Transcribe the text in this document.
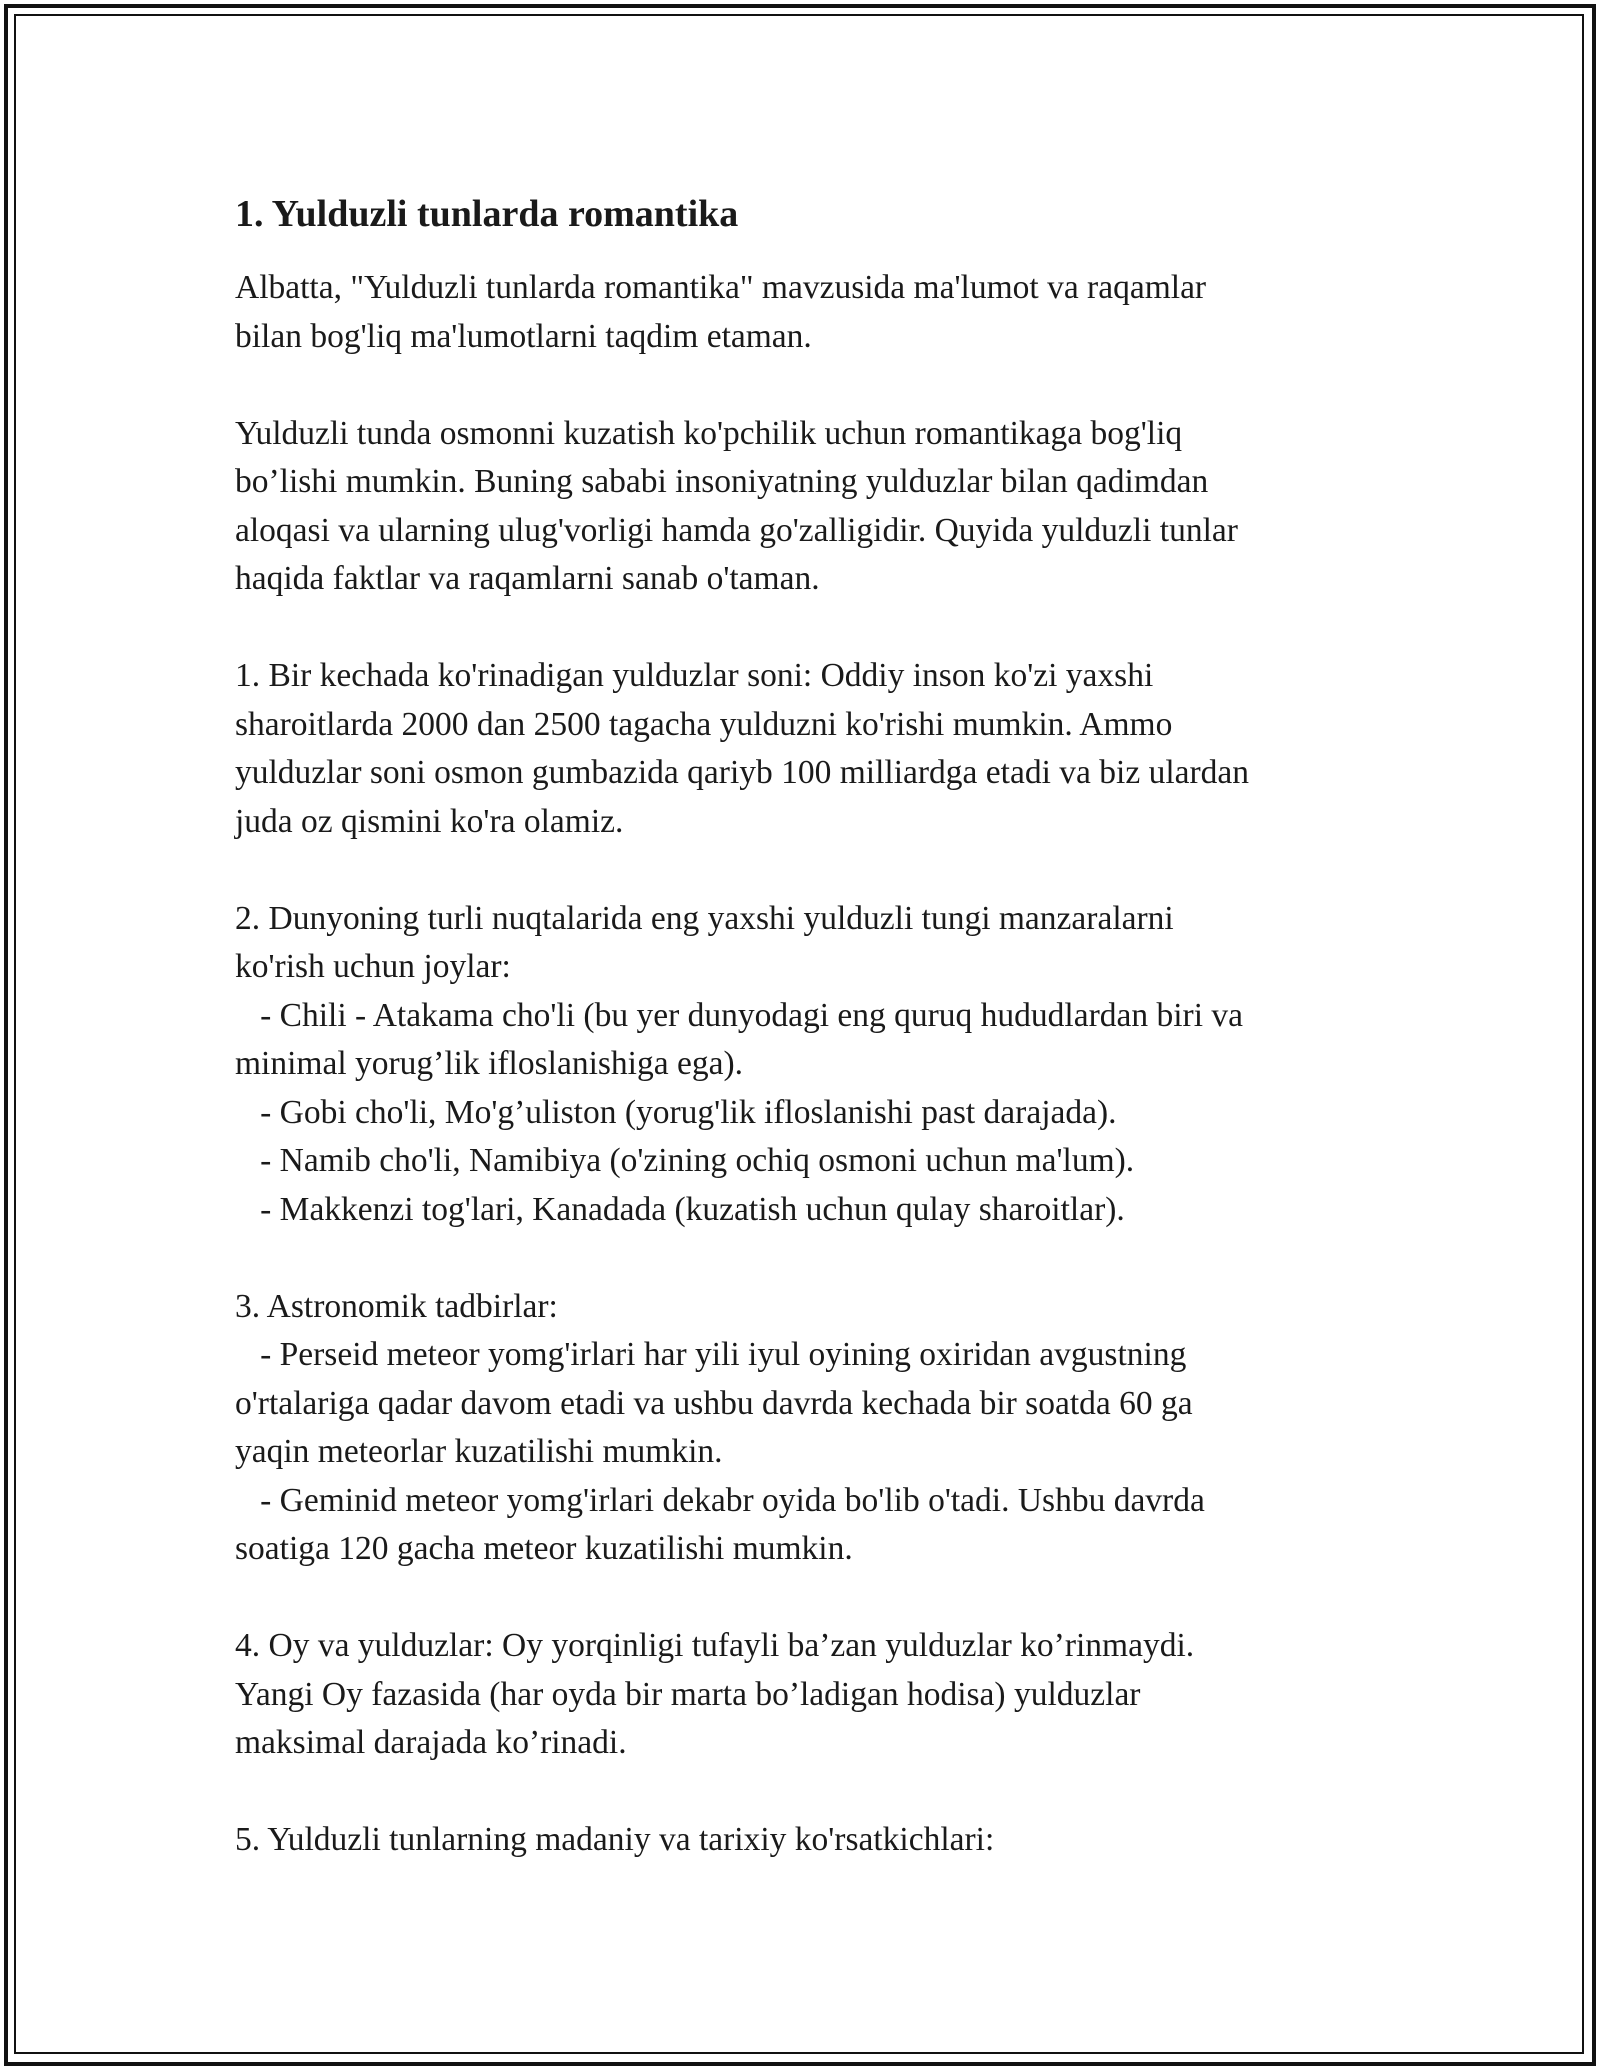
1. Yulduzli tunlarda romantika

Albatta, "Yulduzli tunlarda romantika" mavzusida ma'lumot va raqamlar
bilan bog'liq ma'lumotlarni taqdim etaman.

Yulduzli tunda osmonni kuzatish ko'pchilik uchun romantikaga bog'liq
bo’lishi mumkin. Buning sababi insoniyatning yulduzlar bilan qadimdan
aloqasi va ularning ulug'vorligi hamda go'zalligidir. Quyida yulduzli tunlar
haqida faktlar va raqamlarni sanab o'taman.

1. Bir kechada ko'rinadigan yulduzlar soni: Oddiy inson ko'zi yaxshi
sharoitlarda 2000 dan 2500 tagacha yulduzni ko'rishi mumkin. Ammo
yulduzlar soni osmon gumbazida qariyb 100 milliardga etadi va biz ulardan
juda oz qismini ko'ra olamiz.

2. Dunyoning turli nuqtalarida eng yaxshi yulduzli tungi manzaralarni
ko'rish uchun joylar:
- Chili - Atakama cho'li (bu yer dunyodagi eng quruq hududlardan biri va
minimal yorug’lik ifloslanishiga ega).
- Gobi cho'li, Mo'g’uliston (yorug'lik ifloslanishi past darajada).
- Namib cho'li, Namibiya (o'zining ochiq osmoni uchun ma'lum).
- Makkenzi tog'lari, Kanadada (kuzatish uchun qulay sharoitlar).

3. Astronomik tadbirlar:
- Perseid meteor yomg'irlari har yili iyul oyining oxiridan avgustning
o'rtalariga qadar davom etadi va ushbu davrda kechada bir soatda 60 ga
yaqin meteorlar kuzatilishi mumkin.
- Geminid meteor yomg'irlari dekabr oyida bo'lib o'tadi. Ushbu davrda
soatiga 120 gacha meteor kuzatilishi mumkin.

4. Oy va yulduzlar: Oy yorqinligi tufayli ba’zan yulduzlar ko’rinmaydi.
Yangi Oy fazasida (har oyda bir marta bo’ladigan hodisa) yulduzlar
maksimal darajada ko’rinadi.

5. Yulduzli tunlarning madaniy va tarixiy ko'rsatkichlari:
